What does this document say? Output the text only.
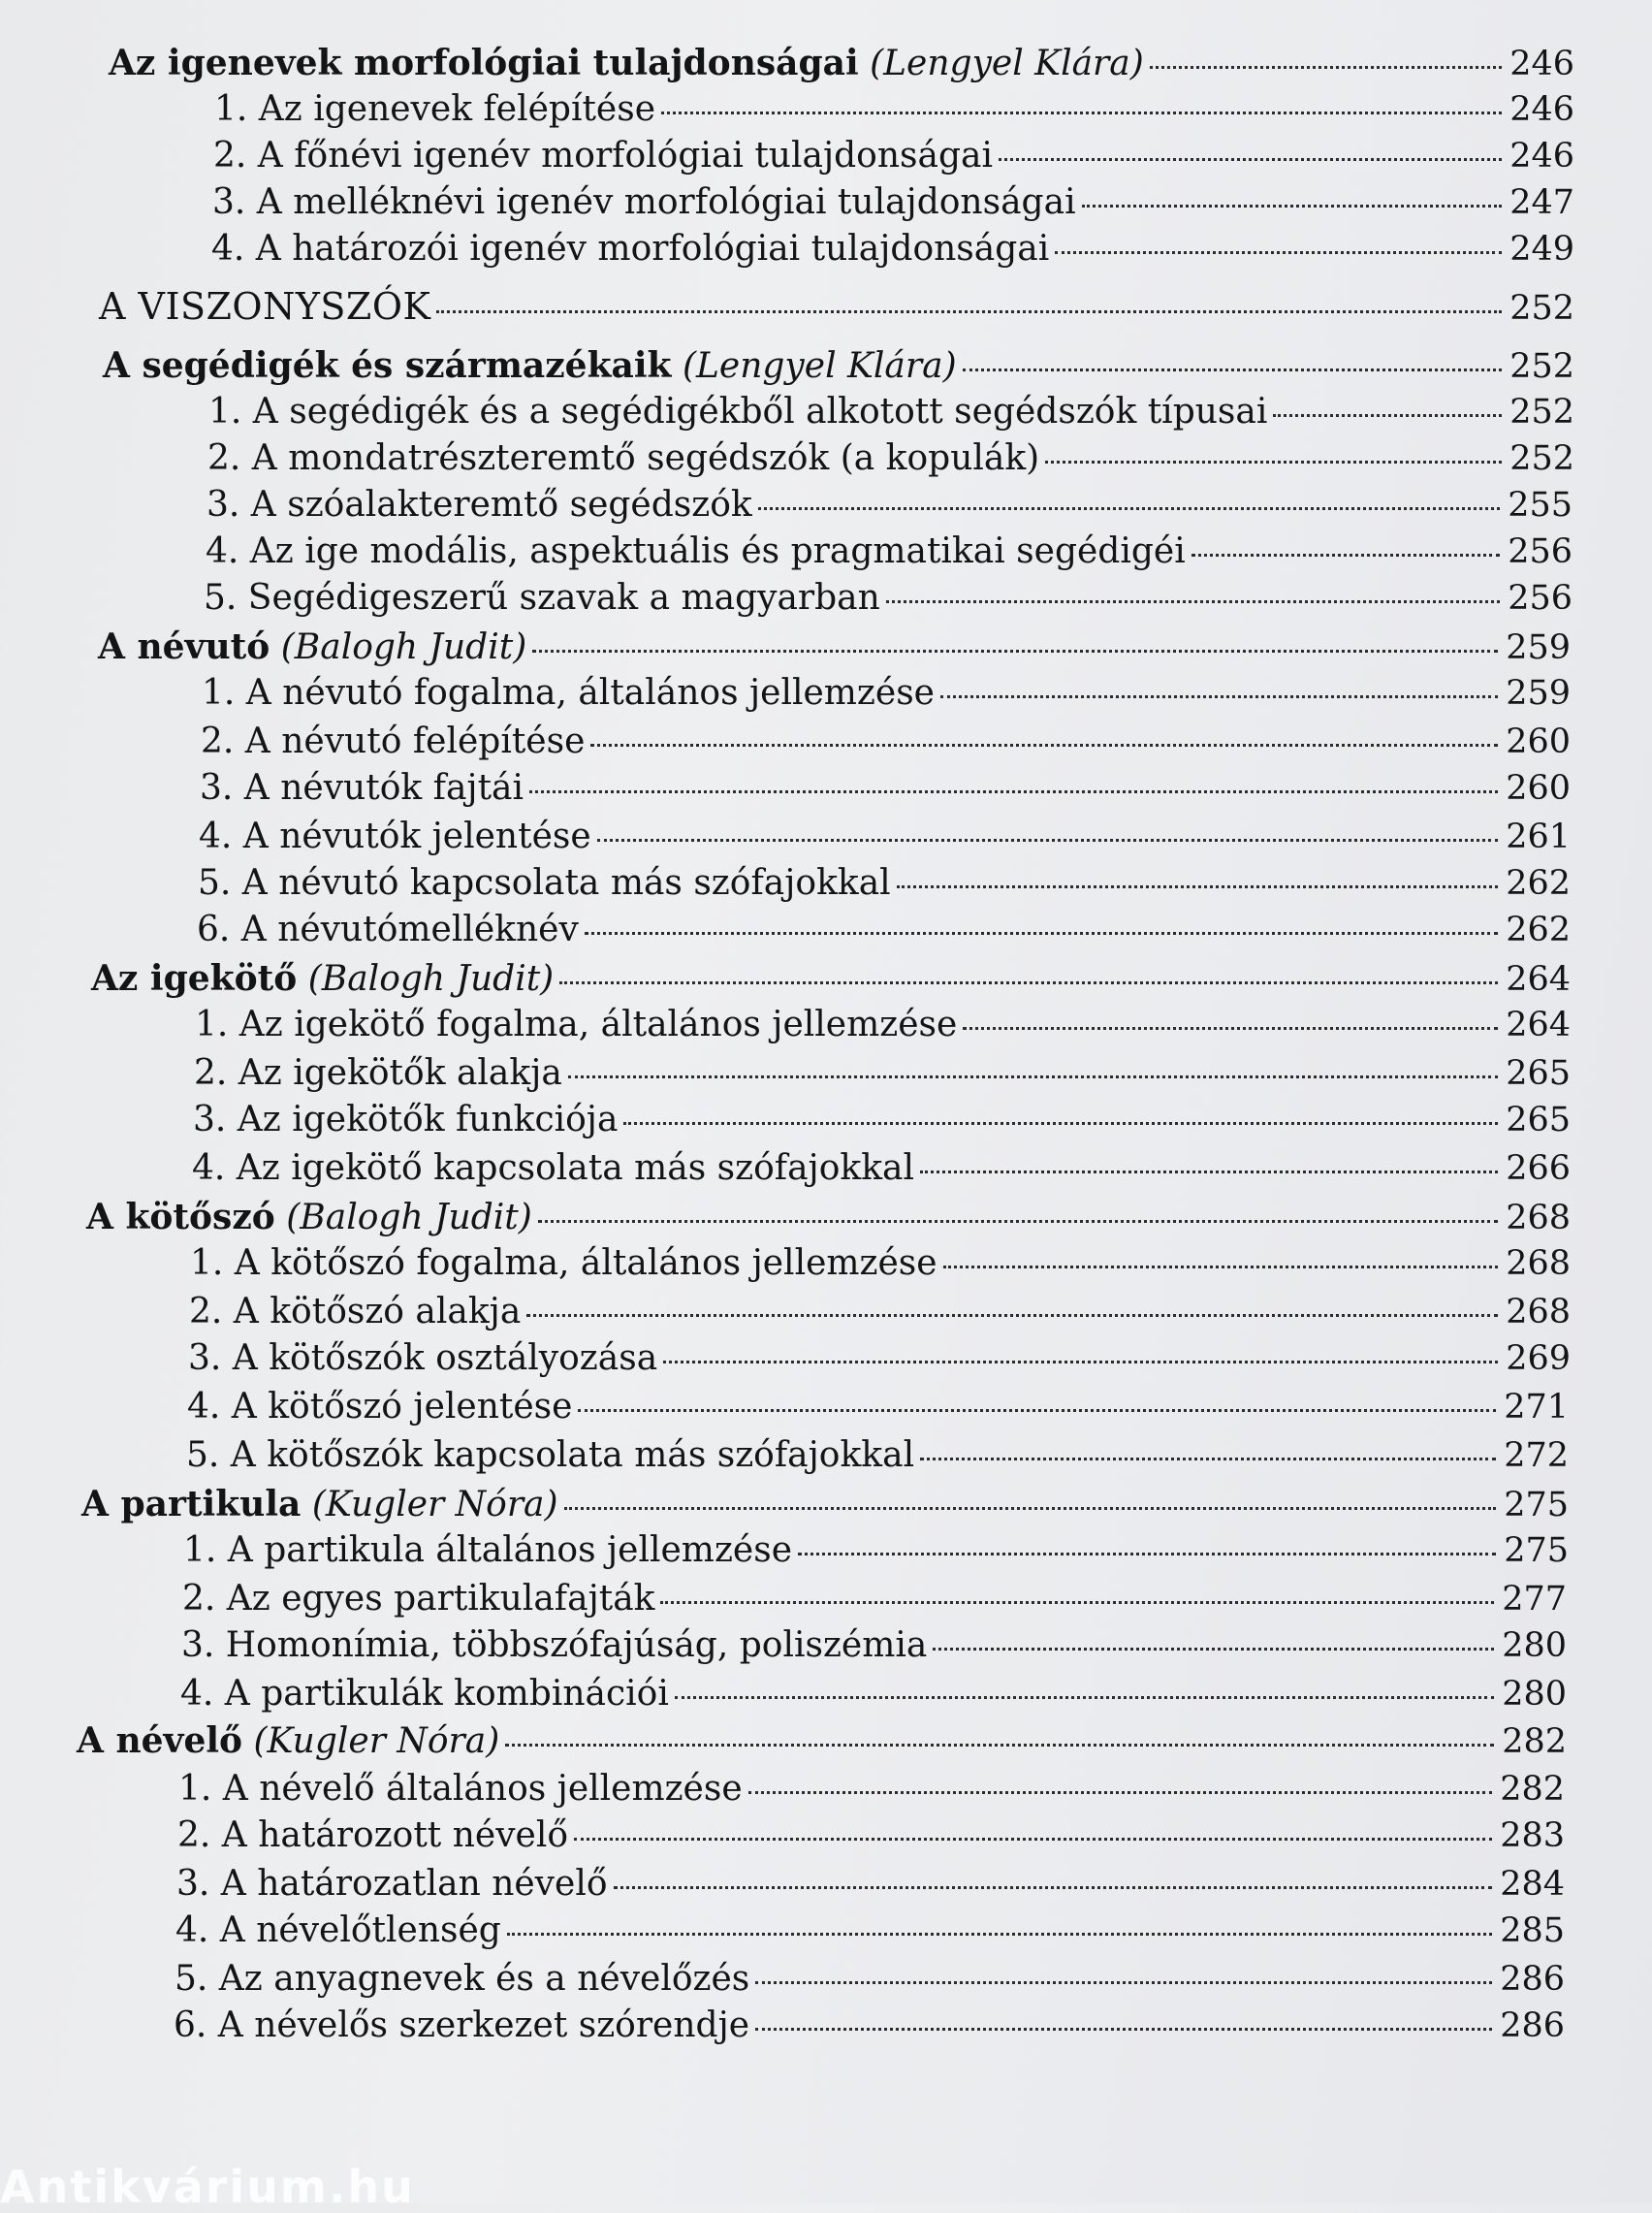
Az igenevek morfológiai tulajdonságai (Lengyel Klára)	246
1. Az igenevek felépítése	246
2. A főnévi igenév morfológiai tulajdonságai	246
3. A melléknévi igenév morfológiai tulajdonságai	247
4. A határozói igenév morfológiai tulajdonságai	249
A VISZONYSZÓK	252
A segédigék és származékaik (Lengyel Klára)	252
1. A segédigék és a segédigékből alkotott segédszók típusai	252
2. A mondatrészteremtő segédszók (a kopulák)	252
3. A szóalakteremtő segédszók	255
4. Az ige modális, aspektuális és pragmatikai segédigéi	256
5. Segédigeszerű szavak a magyarban	256
A névutó (Balogh Judit)	259
1. A névutó fogalma, általános jellemzése	259
2. A névutó felépítése	260
3. A névutók fajtái	260
4. A névutók jelentése	261
5. A névutó kapcsolata más szófajokkal	262
6. A névutómelléknév	262
Az igekötő (Balogh Judit)	264
1. Az igekötő fogalma, általános jellemzése	264
2. Az igekötők alakja	265
3. Az igekötők funkciója	265
4. Az igekötő kapcsolata más szófajokkal	266
A kötőszó (Balogh Judit)	268
1. A kötőszó fogalma, általános jellemzése	268
2. A kötőszó alakja	268
3. A kötőszók osztályozása	269
4. A kötőszó jelentése	271
5. A kötőszók kapcsolata más szófajokkal	272
A partikula (Kugler Nóra)	275
1. A partikula általános jellemzése	275
2. Az egyes partikulafajták	277
3. Homonímia, többszófajúság, poliszémia	280
4. A partikulák kombinációi	280
A névelő (Kugler Nóra)	282
1. A névelő általános jellemzése	282
2. A határozott névelő	283
3. A határozatlan névelő	284
4. A névelőtlenség	285
5. Az anyagnevek és a névelőzés	286
6. A névelős szerkezet szórendje	286
Antikvárium.hu
